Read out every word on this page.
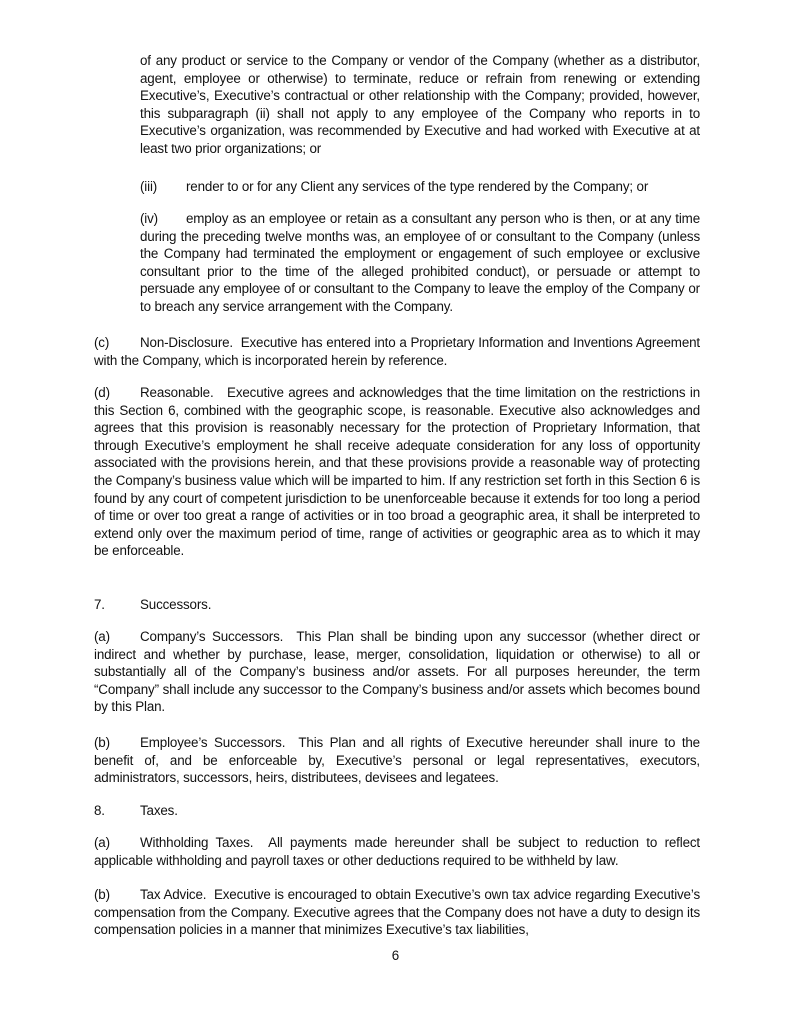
of any product or service to the Company or vendor of the Company (whether as a distributor, agent, employee or otherwise) to terminate, reduce or refrain from renewing or extending Executive’s, Executive’s contractual or other relationship with the Company; provided, however, this subparagraph (ii) shall not apply to any employee of the Company who reports in to Executive’s organization, was recommended by Executive and had worked with Executive at at least two prior organizations; or

(iii) render to or for any Client any services of the type rendered by the Company; or

(iv) employ as an employee or retain as a consultant any person who is then, or at any time during the preceding twelve months was, an employee of or consultant to the Company (unless the Company had terminated the employment or engagement of such employee or exclusive consultant prior to the time of the alleged prohibited conduct), or persuade or attempt to persuade any employee of or consultant to the Company to leave the employ of the Company or to breach any service arrangement with the Company.

(c) Non-Disclosure. Executive has entered into a Proprietary Information and Inventions Agreement with the Company, which is incorporated herein by reference.

(d) Reasonable. Executive agrees and acknowledges that the time limitation on the restrictions in this Section 6, combined with the geographic scope, is reasonable. Executive also acknowledges and agrees that this provision is reasonably necessary for the protection of Proprietary Information, that through Executive’s employment he shall receive adequate consideration for any loss of opportunity associated with the provisions herein, and that these provisions provide a reasonable way of protecting the Company’s business value which will be imparted to him. If any restriction set forth in this Section 6 is found by any court of competent jurisdiction to be unenforceable because it extends for too long a period of time or over too great a range of activities or in too broad a geographic area, it shall be interpreted to extend only over the maximum period of time, range of activities or geographic area as to which it may be enforceable.

7.	Successors.

(a) Company’s Successors. This Plan shall be binding upon any successor (whether direct or indirect and whether by purchase, lease, merger, consolidation, liquidation or otherwise) to all or substantially all of the Company’s business and/or assets. For all purposes hereunder, the term “Company” shall include any successor to the Company’s business and/or assets which becomes bound by this Plan.

(b) Employee’s Successors. This Plan and all rights of Executive hereunder shall inure to the benefit of, and be enforceable by, Executive’s personal or legal representatives, executors, administrators, successors, heirs, distributees, devisees and legatees.

8.	Taxes.

(a) Withholding Taxes. All payments made hereunder shall be subject to reduction to reflect applicable withholding and payroll taxes or other deductions required to be withheld by law.

(b) Tax Advice. Executive is encouraged to obtain Executive’s own tax advice regarding Executive’s compensation from the Company. Executive agrees that the Company does not have a duty to design its compensation policies in a manner that minimizes Executive’s tax liabilities,

6
